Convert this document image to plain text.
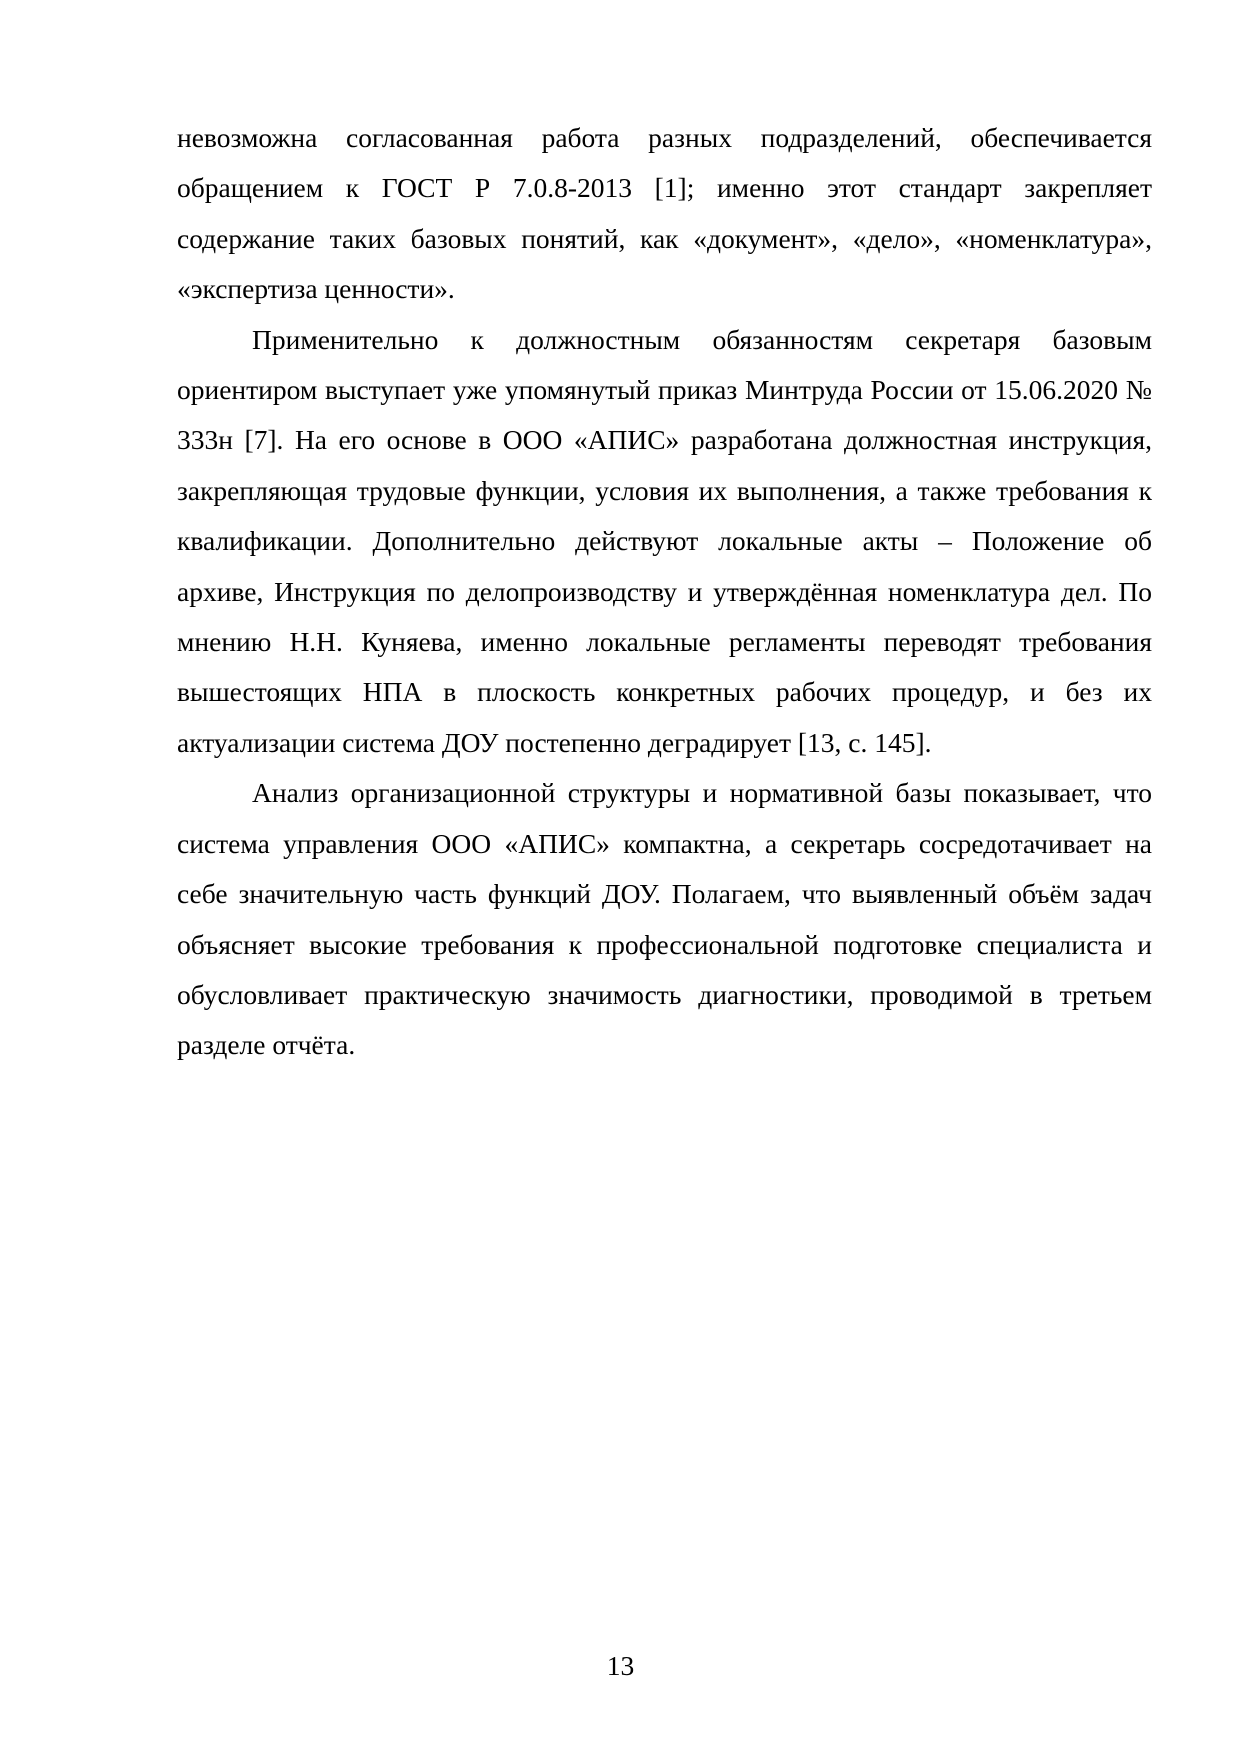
невозможна согласованная работа разных подразделений, обеспечивается обращением к ГОСТ Р 7.0.8-2013 [1]; именно этот стандарт закрепляет содержание таких базовых понятий, как «документ», «дело», «номенклатура», «экспертиза ценности».

Применительно к должностным обязанностям секретаря базовым ориентиром выступает уже упомянутый приказ Минтруда России от 15.06.2020 № 333н [7]. На его основе в ООО «АПИС» разработана должностная инструкция, закрепляющая трудовые функции, условия их выполнения, а также требования к квалификации. Дополнительно действуют локальные акты – Положение об архиве, Инструкция по делопроизводству и утверждённая номенклатура дел. По мнению Н.Н. Куняева, именно локальные регламенты переводят требования вышестоящих НПА в плоскость конкретных рабочих процедур, и без их актуализации система ДОУ постепенно деградирует [13, с. 145].

Анализ организационной структуры и нормативной базы показывает, что система управления ООО «АПИС» компактна, а секретарь сосредотачивает на себе значительную часть функций ДОУ. Полагаем, что выявленный объём задач объясняет высокие требования к профессиональной подготовке специалиста и обусловливает практическую значимость диагностики, проводимой в третьем разделе отчёта.

13
